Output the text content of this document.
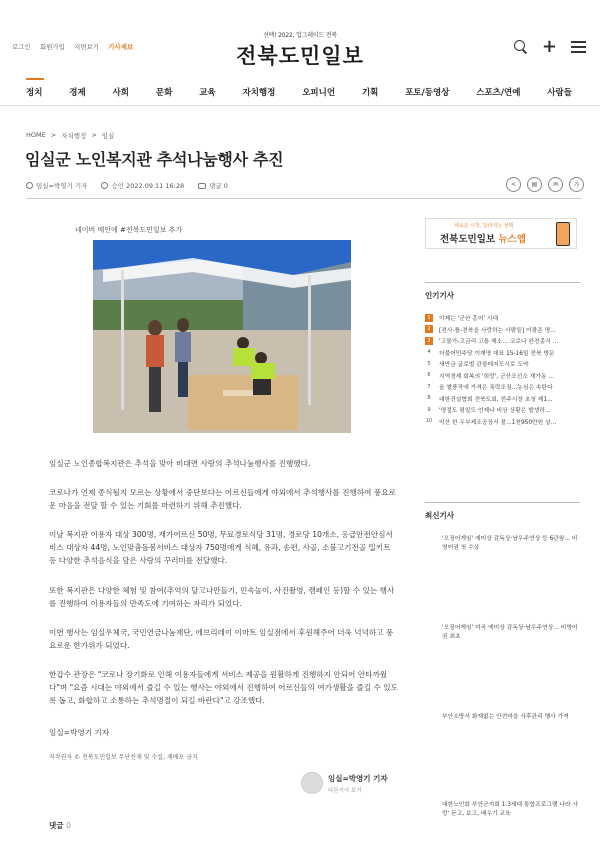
로그인 회원가입 지면보기 기사제보
선택! 2022, 업그레이드 전북
전북도민일보	+
정치	경제	사회	문화	교육	자치행정	오피니언	기획	포토/동영상	스포츠/연예	사람들
HOME > 자치행정 > 임실
임실군 노인복지관 추석나눔행사 추진
임실=박영기 기자	승인 2022.09.11 16:28	댓글 0	<	▤	✉	가
네이버 메인에 #전북도민일보 추가

임실군 노인종합복지관은 추석을 맞아 비대면 사랑의 추석나눔행사를 진행했다.

코로나가 언제 종식될지 모르는 상황에서 중단보다는 어르신들에게 야외에서 추석행사를 진행하여 풍요로운 마음을 전달 할 수 있는 기회를 마련하기 위해 추진했다.

이날 복지관 이용자 대상 300명, 재가어르신 50명, 무료경로식당 31명, 경로당 10개소, 응급안전안심서비스 대상자 44명, 노인맞춤돌봄서비스 대상자 750명에게 식혜, 유과, 송편, 사골, 소불고기전골 밀키트 등 다양한 추석음식을 담은 사랑의 꾸러미를 전달했다.

또한 복지관은 다양한 체험 및 참여(추억의 달고나만들기, 민속놀이, 사진촬영, 캠페인 등)할 수 있는 행사를 진행하여 이용자들의 만족도에 기여하는 자리가 되었다.

이번 행사는 임실우체국, 국민연금나눔재단, 에브리데이 이마트 임실점에서 후원해주어 더욱 넉넉하고 풍요로운 한가위가 되었다.

한갑수 관장은 "코로나 장기화로 인해 이용자들에게 서비스 제공을 원활하게 진행하지 안되어 안타까웠다"며 "요즘 시대는 야외에서 즐길 수 있는 행사는 야외에서 진행하여 어르신들의 여가생활을 즐길 수 있도록 돕고, 화합하고 소통하는 추석명절이 되길 바란다"고 강조했다.

임실=박영기 기자

저작권자 © 전북도민일보 무단전재 및 수집, 재배포 금지
임실=박영기 기자
다른기사 보기
댓글 0
새로운 시작, 달라지는 선택
전북도민일보 뉴스앱
인기기사
1	이제는 '군산 홍어' 시대
2	[전사-틀-전북을 사랑하는 사람들] 이광준 명...
3	'고물가-고금리 고통 해소... 코로나 완전종식 ...
4	더불어민주당 이재명 대표 15-16일 전북 방문
5	새만금 글로벌 관광레저도시로 도약
6	지역경제 회복의 '희망', 군산조선소 재가동 ...
7	올 쌀풍작에 가격은 폭락조짐...농심은 속탄다
8	대한건설협회 전북도회, 전주시장 초청 제1...
9	'명절도 평일도 언제나 비상 상황은 발생하...
10 익산 한 두부제조공장서 불...1천950만원 상...
최신기사
'오징어게임' 예미상 감독상·남우주연상 등 6관왕... 비영어권 첫 수상
'오징어게임' 미국 에미상 감독상·남우주연상... 비영어권 최초
부안소방서 화재없는 안전마을 사후관리 행사 가져
대한노인회 부안군지회 1.3세대 통합프로그램 나라 사랑' 듣고, 보고, 배우기 교육
